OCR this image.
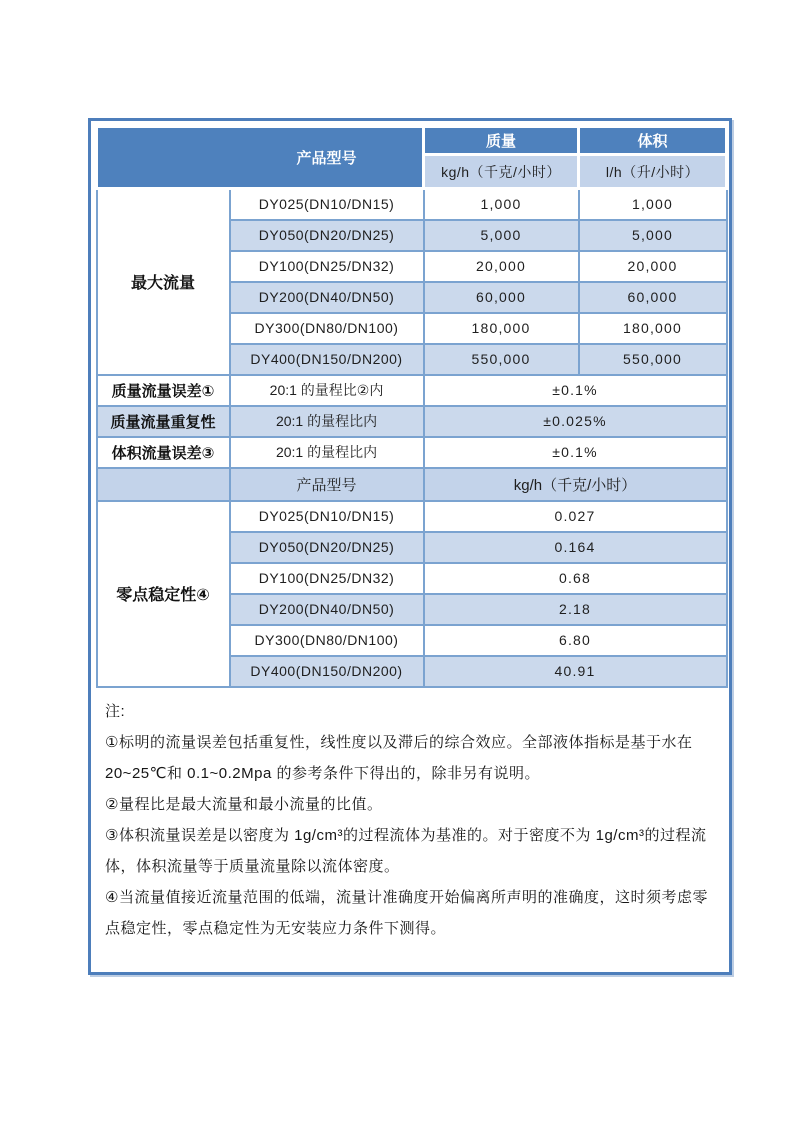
产品型号		质量	体积
		kg/h（千克/小时）	l/h（升/小时）
最大流量	DY025(DN10/DN15)	1,000	1,000
	DY050(DN20/DN25)	5,000	5,000
	DY100(DN25/DN32)	20,000	20,000
	DY200(DN40/DN50)	60,000	60,000
	DY300(DN80/DN100)	180,000	180,000
	DY400(DN150/DN200)	550,000	550,000
质量流量误差①	20:1 的量程比②内	±0.1%	
质量流量重复性	20:1 的量程比内	±0.025%	
体积流量误差③	20:1 的量程比内	±0.1%	
	产品型号	kg/h（千克/小时）	
零点稳定性④	DY025(DN10/DN15)	0.027	
	DY050(DN20/DN25)	0.164	
	DY100(DN25/DN32)	0.68	
	DY200(DN40/DN50)	2.18	
	DY300(DN80/DN100)	6.80	
	DY400(DN150/DN200)	40.91	

注:

①标明的流量误差包括重复性，线性度以及滞后的综合效应。全部液体指标是基于水在20~25℃和 0.1~0.2Mpa 的参考条件下得出的，除非另有说明。

②量程比是最大流量和最小流量的比值。

③体积流量误差是以密度为 1g/cm³的过程流体为基准的。对于密度不为 1g/cm³的过程流体，体积流量等于质量流量除以流体密度。

④当流量值接近流量范围的低端，流量计准确度开始偏离所声明的准确度，这时须考虑零点稳定性，零点稳定性为无安装应力条件下测得。
